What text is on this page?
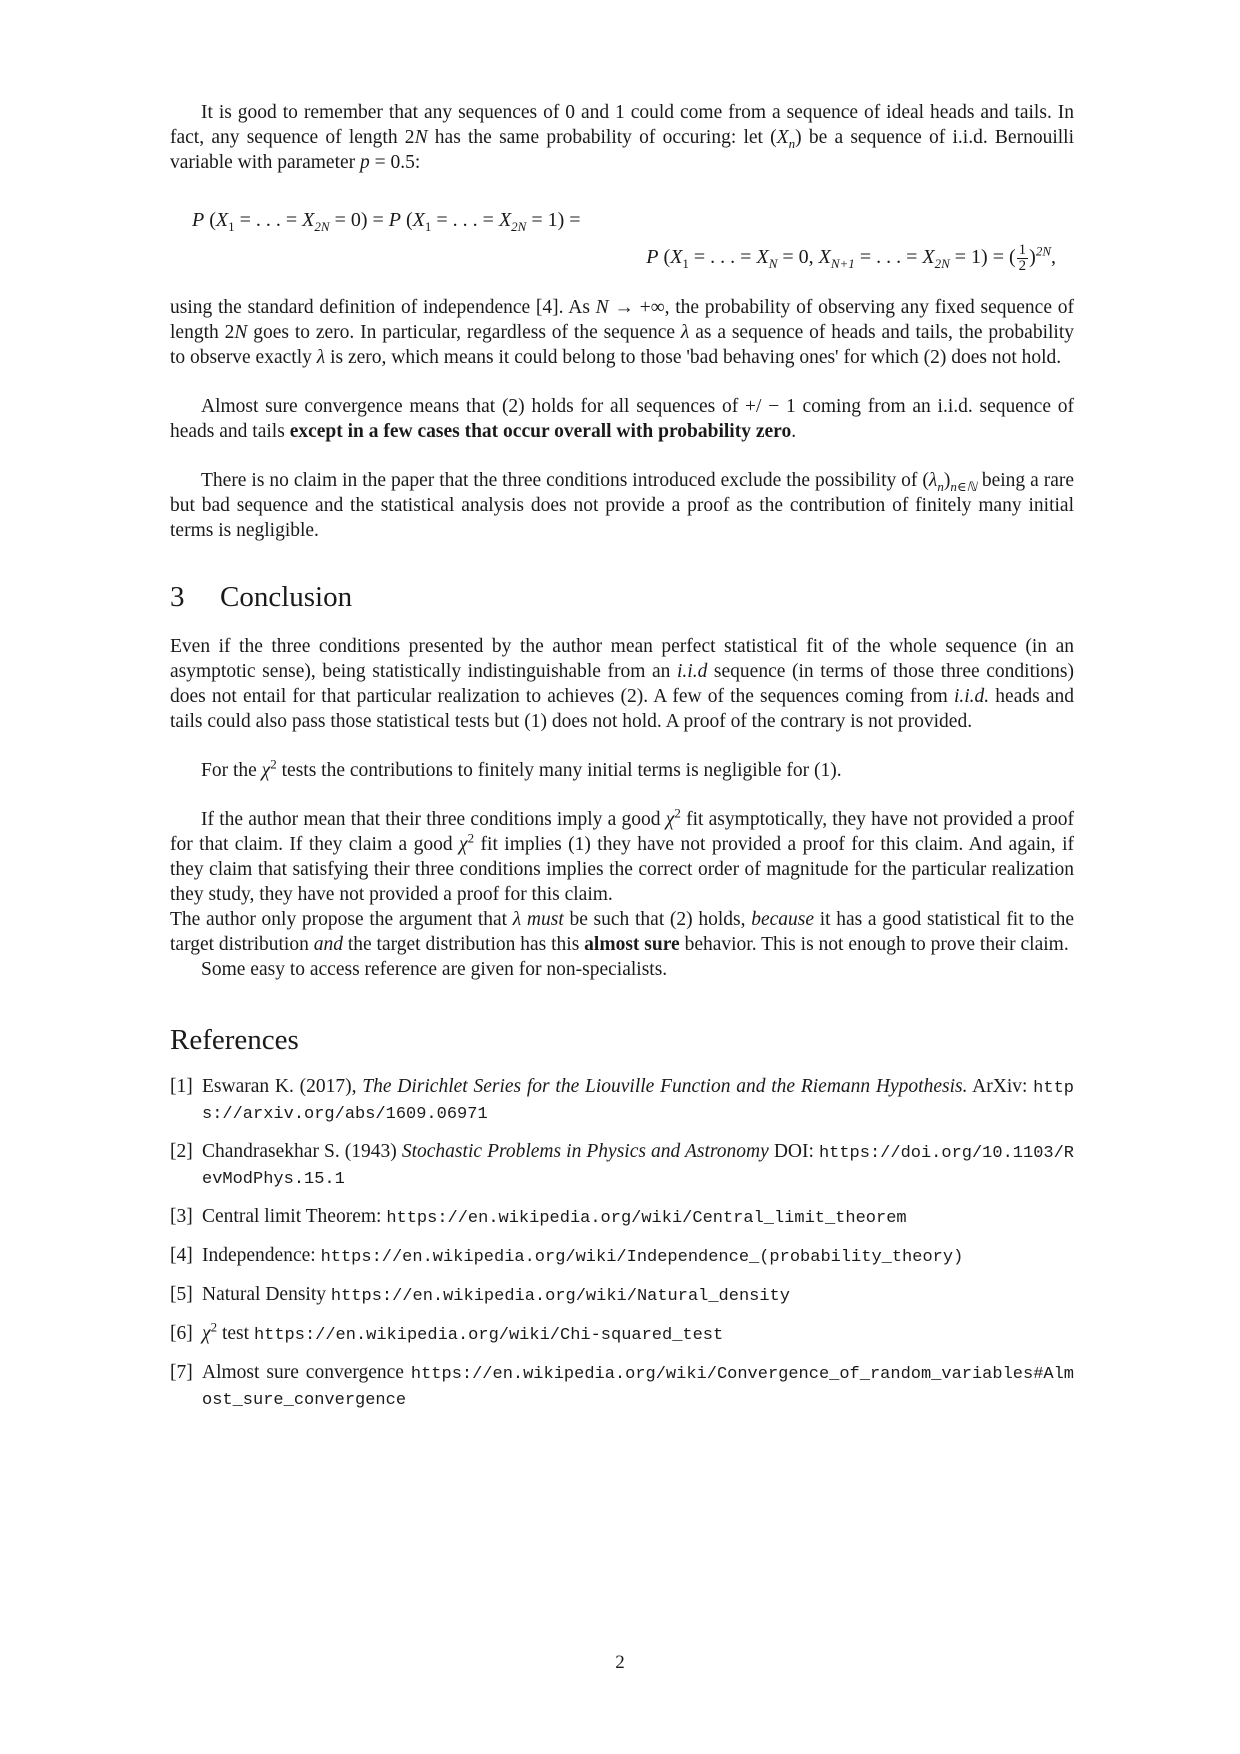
It is good to remember that any sequences of 0 and 1 could come from a sequence of ideal heads and tails. In fact, any sequence of length 2N has the same probability of occuring: let $(X_n)$ be a sequence of i.i.d. Bernouilli variable with parameter p = 0.5:

P ($X_1$ = . . . = $X_{2N} = 0) = P$ ($X_1$ = . . . = $X_{2N} = 1$) =
P ($X_1$ = . . . = $X_N = 0$, $X_{N+1}$ = . . . = $X_{2N} = 1$) = ( $\frac{1}{2} )^{2N}$,

using the standard definition of independence [4]. As N → +∞, the probability of observing any fixed sequence of length 2N goes to zero. In particular, regardless of the sequence λ as a sequence of heads and tails, the probability to observe exactly λ is zero, which means it could belong to those 'bad behaving ones' for which (2) does not hold.

Almost sure convergence means that (2) holds for all sequences of +/ − 1 coming from an i.i.d. sequence of heads and tails except in a few cases that occur overall with probability zero.

There is no claim in the paper that the three conditions introduced exclude the possibility of $(\lambda_n)_{n\in ℕ}$ being a rare but bad sequence and the statistical analysis does not provide a proof as the contribution of finitely many initial terms is negligible.

3 Conclusion

Even if the three conditions presented by the author mean perfect statistical fit of the whole sequence (in an asymptotic sense), being statistically indistinguishable from an i.i.d sequence (in terms of those three conditions) does not entail for that particular realization to achieves (2). A few of the sequences coming from i.i.d. heads and tails could also pass those statistical tests but (1) does not hold. A proof of the contrary is not provided.

For the $\chi^2$ tests the contributions to finitely many initial terms is negligible for (1).

If the author mean that their three conditions imply a good $\chi^2$ fit asymptotically, they have not provided a proof for that claim. If they claim a good $\chi^2$ fit implies (1) they have not provided a proof for this claim. And again, if they claim that satisfying their three conditions implies the correct order of magnitude for the particular realization they study, they have not provided a proof for this claim.

The author only propose the argument that λ must be such that (2) holds, because it has a good statistical fit to the target distribution and the target distribution has this almost sure behavior. This is not enough to prove their claim.

Some easy to access reference are given for non-specialists.

References
[1] Eswaran K. (2017), The Dirichlet Series for the Liouville Function and the Riemann Hypothesis. ArXiv: https://arxiv.org/abs/1609.06971
[2] Chandrasekhar S. (1943) Stochastic Problems in Physics and Astronomy DOI: https://doi.org/10.1103/RevModPhys.15.1
[3] Central limit Theorem: https://en.wikipedia.org/wiki/Central_limit_theorem
[4] Independence: https://en.wikipedia.org/wiki/Independence_(probability_theory)
[5] Natural Density https://en.wikipedia.org/wiki/Natural_density
[6] $\chi^2$ test https://en.wikipedia.org/wiki/Chi-squared_test
[7] Almost sure convergence https://en.wikipedia.org/wiki/Convergence_of_random_variables#Almost_sure_convergence
2
